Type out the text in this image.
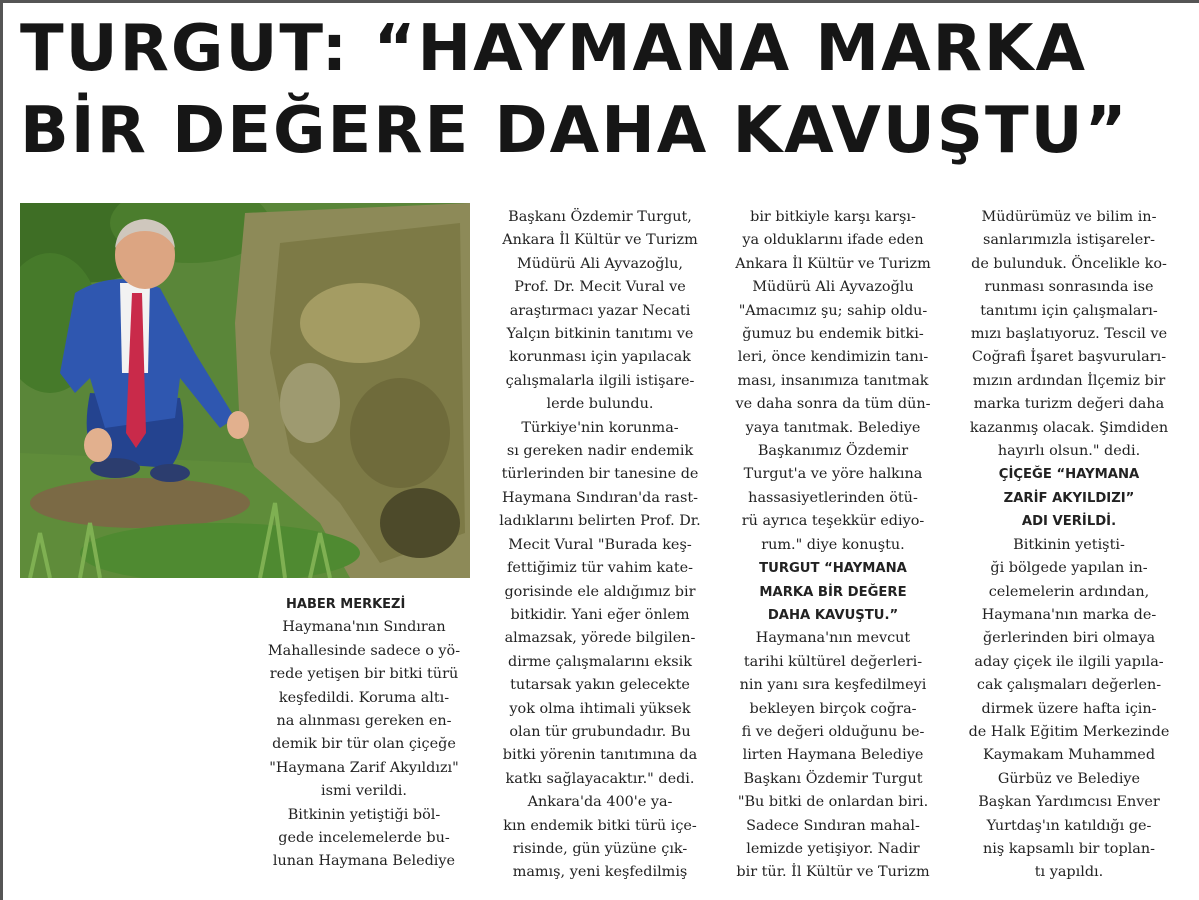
TURGUT: “HAYMANA MARKA
BİR DEĞERE DAHA KAVUŞTU”

HABER MERKEZİ

Haymana'nın Sındıran

Mahallesinde sadece o yö-

rede yetişen bir bitki türü

keşfedildi. Koruma altı-

na alınması gereken en-

demik bir tür olan çiçeğe

"Haymana Zarif Akyıldızı"

ismi verildi.

Bitkinin yetiştiği böl-

gede incelemelerde bu-

lunan Haymana Belediye

Başkanı Özdemir Turgut,

Ankara İl Kültür ve Turizm

Müdürü Ali Ayvazoğlu,

Prof. Dr. Mecit Vural ve

araştırmacı yazar Necati

Yalçın bitkinin tanıtımı ve

korunması için yapılacak

çalışmalarla ilgili istişare-

lerde bulundu.

Türkiye'nin korunma-

sı gereken nadir endemik

türlerinden bir tanesine de

Haymana Sındıran'da rast-

ladıklarını belirten Prof. Dr.

Mecit Vural "Burada keş-

fettiğimiz tür vahim kate-

gorisinde ele aldığımız bir

bitkidir. Yani eğer önlem

almazsak, yörede bilgilen-

dirme çalışmalarını eksik

tutarsak yakın gelecekte

yok olma ihtimali yüksek

olan tür grubundadır. Bu

bitki yörenin tanıtımına da

katkı sağlayacaktır." dedi.

Ankara'da 400'e ya-

kın endemik bitki türü içe-

risinde, gün yüzüne çık-

mamış, yeni keşfedilmiş

bir bitkiyle karşı karşı-

ya olduklarını ifade eden

Ankara İl Kültür ve Turizm

Müdürü Ali Ayvazoğlu

"Amacımız şu; sahip oldu-

ğumuz bu endemik bitki-

leri, önce kendimizin tanı-

ması, insanımıza tanıtmak

ve daha sonra da tüm dün-

yaya tanıtmak. Belediye

Başkanımız Özdemir

Turgut'a ve yöre halkına

hassasiyetlerinden ötü-

rü ayrıca teşekkür ediyo-

rum." diye konuştu.

TURGUT “HAYMANA

MARKA BİR DEĞERE

DAHA KAVUŞTU.”

Haymana'nın mevcut

tarihi kültürel değerleri-

nin yanı sıra keşfedilmeyi

bekleyen birçok coğra-

fi ve değeri olduğunu be-

lirten Haymana Belediye

Başkanı Özdemir Turgut

"Bu bitki de onlardan biri.

Sadece Sındıran mahal-

lemizde yetişiyor. Nadir

bir tür. İl Kültür ve Turizm

Müdürümüz ve bilim in-

sanlarımızla istişareler-

de bulunduk. Öncelikle ko-

runması sonrasında ise

tanıtımı için çalışmaları-

mızı başlatıyoruz. Tescil ve

Coğrafi İşaret başvuruları-

mızın ardından İlçemiz bir

marka turizm değeri daha

kazanmış olacak. Şimdiden

hayırlı olsun." dedi.

ÇİÇEĞE “HAYMANA

ZARİF AKYILDIZI”

ADI VERİLDİ.

Bitkinin yetişti-

ği bölgede yapılan in-

celemelerin ardından,

Haymana'nın marka de-

ğerlerinden biri olmaya

aday çiçek ile ilgili yapıla-

cak çalışmaları değerlen-

dirmek üzere hafta için-

de Halk Eğitim Merkezinde

Kaymakam Muhammed

Gürbüz ve Belediye

Başkan Yardımcısı Enver

Yurtdaş'ın katıldığı ge-

niş kapsamlı bir toplan-

tı yapıldı.
